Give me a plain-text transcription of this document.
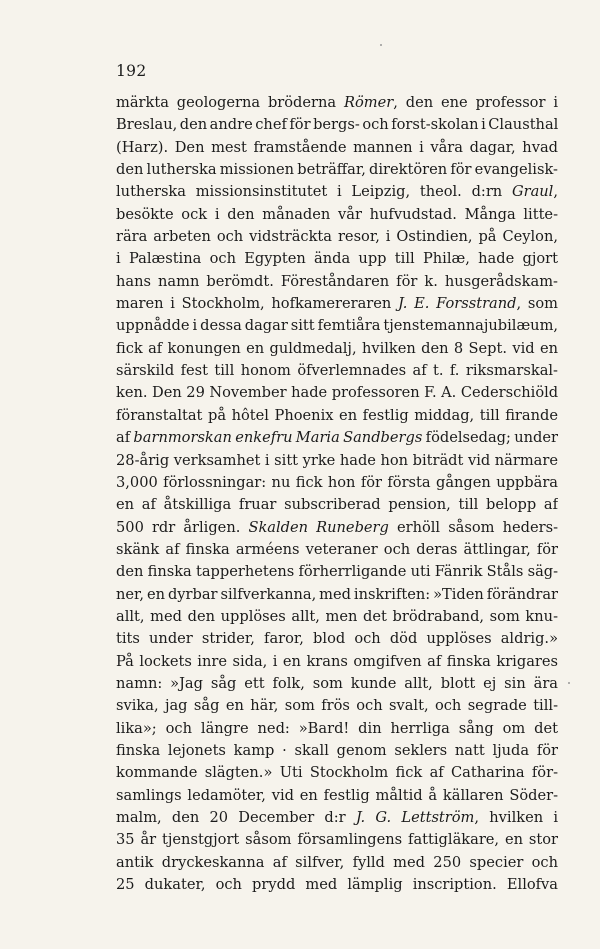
192
märkta geologerna bröderna Römer, den ene professor i
Breslau, den andre chef för bergs- och forst-skolan i Clausthal
(Harz). Den mest framstående mannen i våra dagar, hvad
den lutherska missionen beträffar, direktören för evangelisk-
lutherska missionsinstitutet i Leipzig, theol. d:rn Graul,
besökte ock i den månaden vår hufvudstad. Många litte-
rära arbeten och vidsträckta resor, i Ostindien, på Ceylon,
i Palæstina och Egypten ända upp till Philæ, hade gjort
hans namn berömdt. Föreståndaren för k. husgerådskam-
maren i Stockholm, hofkamereraren J. E. Forsstrand, som
uppnådde i dessa dagar sitt femtiåra tjenstemannajubilæum,
fick af konungen en guldmedalj, hvilken den 8 Sept. vid en
särskild fest till honom öfverlemnades af t. f. riksmarskal-
ken. Den 29 November hade professoren F. A. Cederschiöld
föranstaltat på hôtel Phoenix en festlig middag, till firande
af barnmorskan enkefru Maria Sandbergs födelsedag; under
28-årig verksamhet i sitt yrke hade hon biträdt vid närmare
3,000 förlossningar: nu fick hon för första gången uppbära
en af åtskilliga fruar subscriberad pension, till belopp af
500 rdr årligen. Skalden Runeberg erhöll såsom heders-
skänk af finska arméens veteraner och deras ättlingar, för
den finska tapperhetens förherrligande uti Fänrik Ståls säg-
ner, en dyrbar silfverkanna, med inskriften: »Tiden förändrar
allt, med den upplöses allt, men det brödraband, som knu-
tits under strider, faror, blod och död upplöses aldrig.»
På lockets inre sida, i en krans omgifven af finska krigares
namn: »Jag såg ett folk, som kunde allt, blott ej sin ära
svika, jag såg en här, som frös och svalt, och segrade till-
lika»; och längre ned: »Bard! din herrliga sång om det
finska lejonets kamp · skall genom seklers natt ljuda för
kommande slägten.» Uti Stockholm fick af Catharina för-
samlings ledamöter, vid en festlig måltid å källaren Söder-
malm, den 20 December d:r J. G. Lettström, hvilken i
35 år tjenstgjort såsom församlingens fattigläkare, en stor
antik dryckeskanna af silfver, fylld med 250 specier och
25 dukater, och prydd med lämplig inscription. Ellofva
